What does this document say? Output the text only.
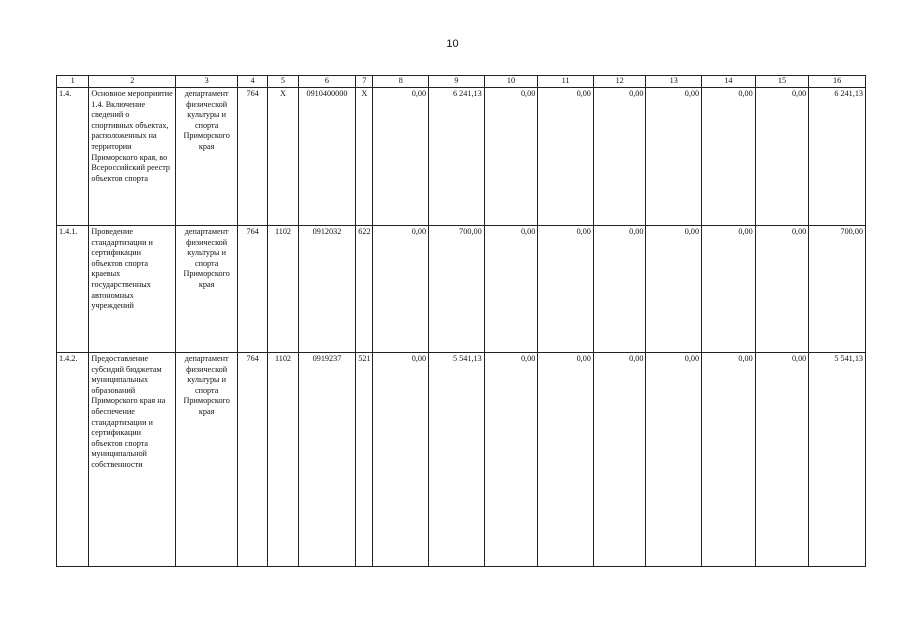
10
1	2	3	4	5	6	7	8	9	10	11	12	13	14	15	16
1.4.	Основное мероприятие 1.4. Включение сведений о спортивных объектах, расположенных на территории Приморского края, во Всероссийский реестр объектов спорта	департамент физической культуры и спорта Приморского края	764	Х	0910400000	Х	0,00	6 241,13	0,00	0,00	0,00	0,00	0,00	0,00	6 241,13
1.4.1.	Проведение стандартизации и сертификации объектов спорта краевых государственных автономных учреждений	департамент физической культуры и спорта Приморского края	764	1102	0912032	622	0,00	700,00	0,00	0,00	0,00	0,00	0,00	0,00	700,00
1.4.2.	Предоставление субсидий бюджетам муниципальных образований Приморского края на обеспечение стандартизации и сертификации объектов спорта муниципальной собственности	департамент физической культуры и спорта Приморского края	764	1102	0919237	521	0,00	5 541,13	0,00	0,00	0,00	0,00	0,00	0,00	5 541,13
